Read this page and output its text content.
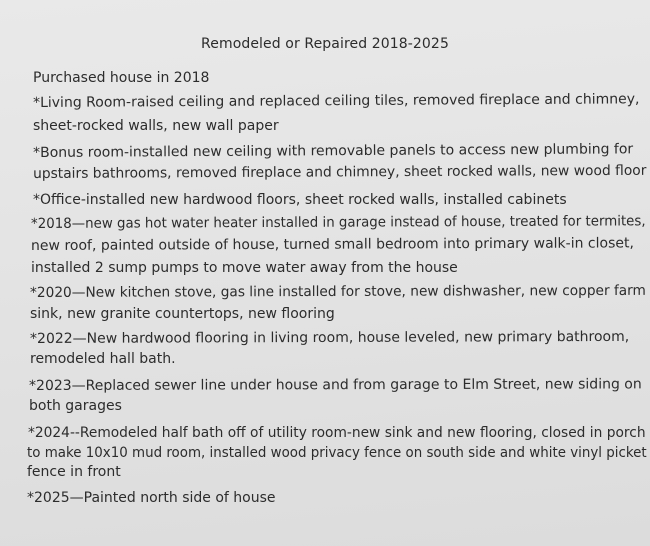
Remodeled or Repaired 2018-2025
Purchased house in 2018
*Living Room-raised ceiling and replaced ceiling tiles, removed fireplace and chimney,
sheet-rocked walls, new wall paper
*Bonus room-installed new ceiling with removable panels to access new plumbing for
upstairs bathrooms, removed fireplace and chimney, sheet rocked walls, new wood floor
*Office-installed new hardwood floors, sheet rocked walls, installed cabinets
*2018—new gas hot water heater installed in garage instead of house, treated for termites,
new roof, painted outside of house, turned small bedroom into primary walk-in closet,
installed 2 sump pumps to move water away from the house
*2020—New kitchen stove, gas line installed for stove, new dishwasher, new copper farm
sink, new granite countertops, new flooring
*2022—New hardwood flooring in living room, house leveled, new primary bathroom,
remodeled hall bath.
*2023—Replaced sewer line under house and from garage to Elm Street, new siding on
both garages
*2024--Remodeled half bath off of utility room-new sink and new flooring, closed in porch
to make 10x10 mud room, installed wood privacy fence on south side and white vinyl picket
fence in front
*2025—Painted north side of house
